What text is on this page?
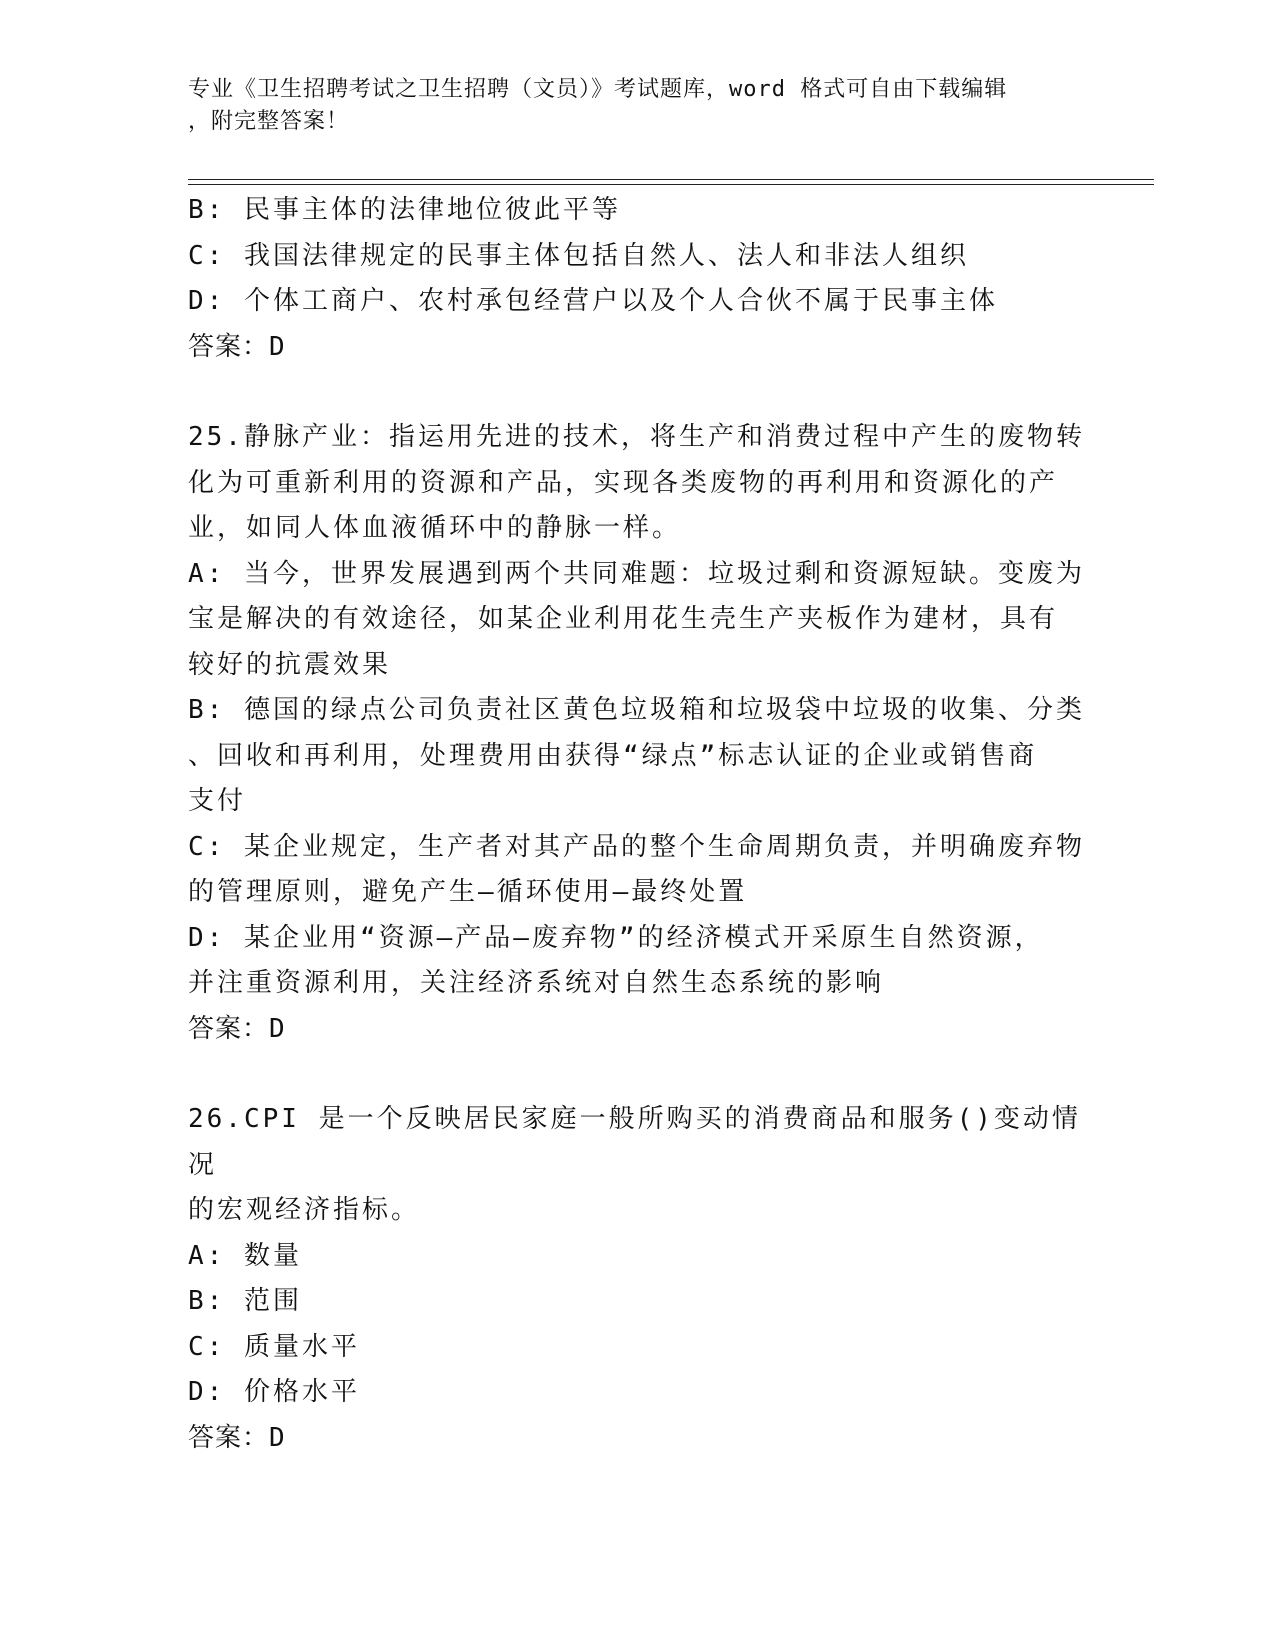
专业《卫生招聘考试之卫生招聘（文员）》考试题库，word 格式可自由下载编辑
，附完整答案！
B: 民事主体的法律地位彼此平等
C: 我国法律规定的民事主体包括自然人、法人和非法人组织
D: 个体工商户、农村承包经营户以及个人合伙不属于民事主体
答案：D
25.静脉产业：指运用先进的技术，将生产和消费过程中产生的废物转
化为可重新利用的资源和产品，实现各类废物的再利用和资源化的产
业，如同人体血液循环中的静脉一样。
A: 当今，世界发展遇到两个共同难题：垃圾过剩和资源短缺。变废为
宝是解决的有效途径，如某企业利用花生壳生产夹板作为建材，具有
较好的抗震效果
B: 德国的绿点公司负责社区黄色垃圾箱和垃圾袋中垃圾的收集、分类
、回收和再利用，处理费用由获得“绿点”标志认证的企业或销售商
支付
C: 某企业规定，生产者对其产品的整个生命周期负责，并明确废弃物
的管理原则，避免产生—循环使用—最终处置
D: 某企业用“资源—产品—废弃物”的经济模式开采原生自然资源，
并注重资源利用，关注经济系统对自然生态系统的影响
答案：D
26.CPI 是一个反映居民家庭一般所购买的消费商品和服务()变动情况
的宏观经济指标。
A: 数量
B: 范围
C: 质量水平
D: 价格水平
答案：D
